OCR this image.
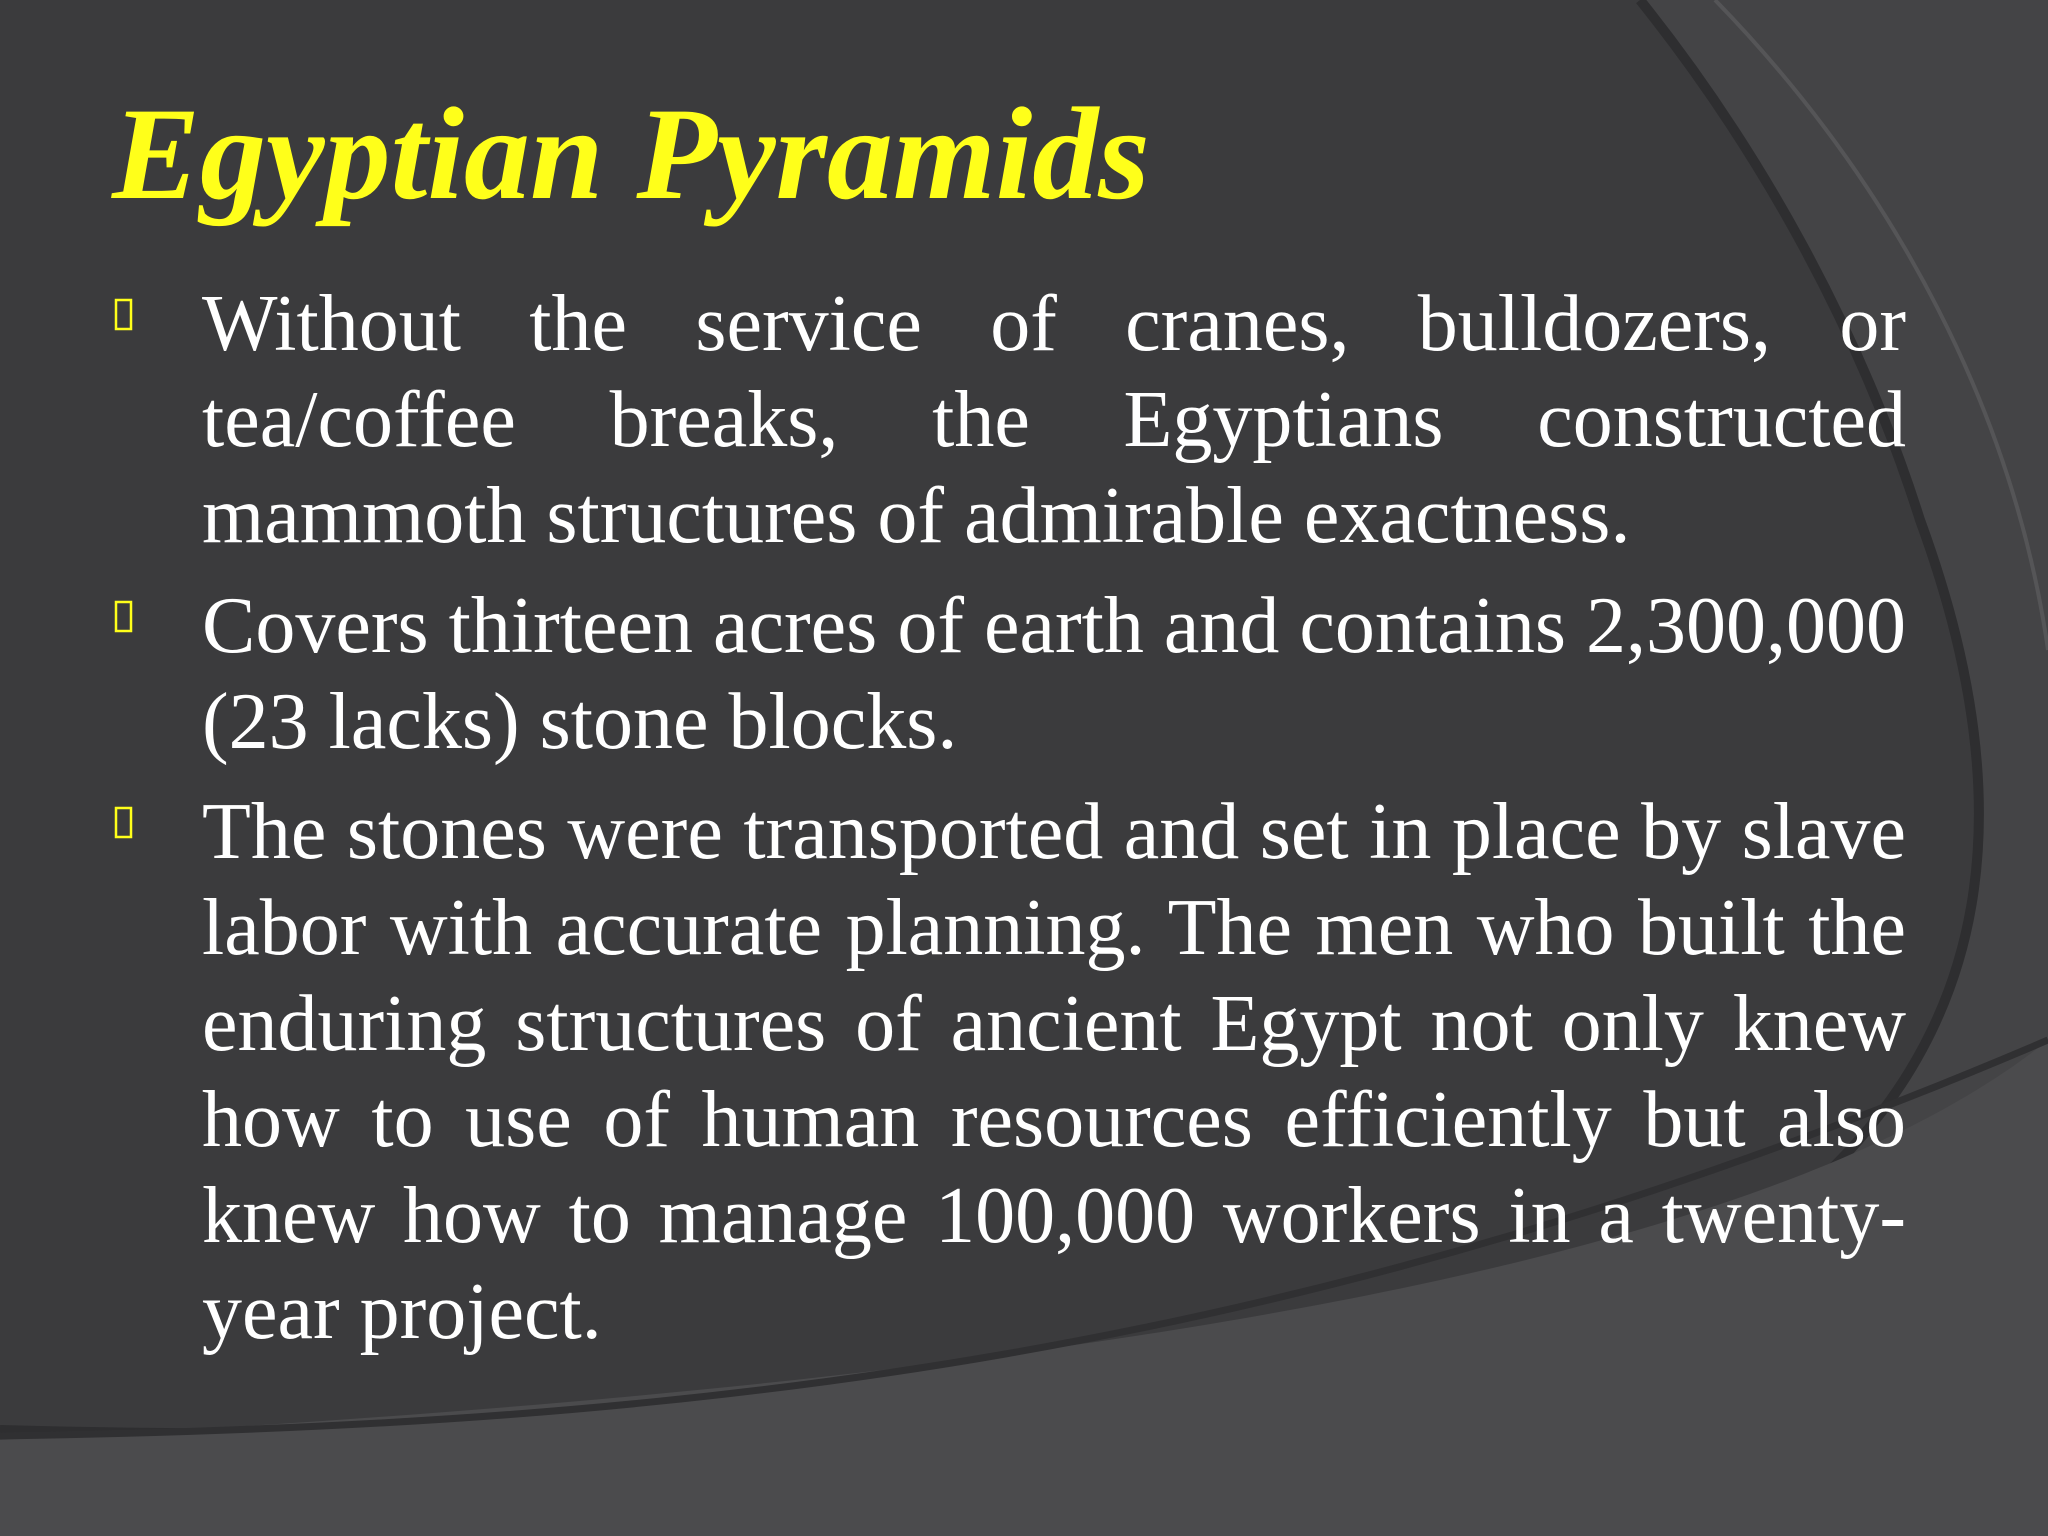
Egyptian Pyramids
Without the service of cranes, bulldozers, or tea/coffee breaks, the Egyptians constructed mammoth structures of admirable exactness.
Covers thirteen acres of earth and contains 2,300,000 (23 lacks) stone blocks.
The stones were transported and set in place by slave labor with accurate planning. The men who built the enduring structures of ancient Egypt not only knew how to use of human resources efficiently but also knew how to manage 100,000 workers in a twenty-year project.
